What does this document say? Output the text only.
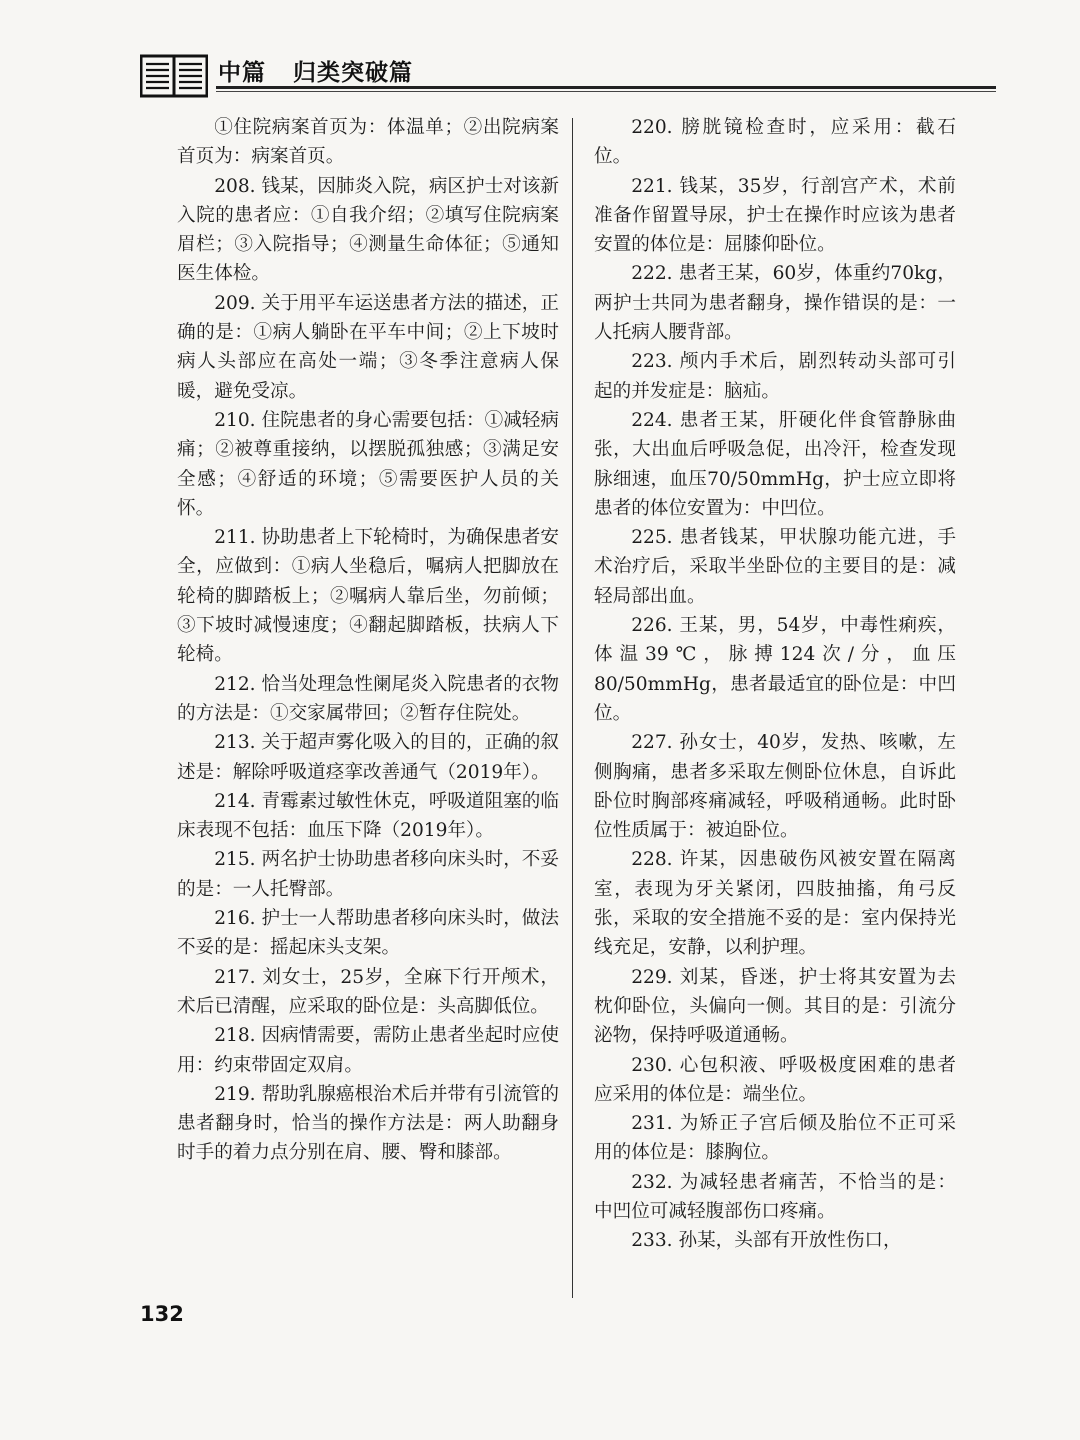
中篇   归类突破篇

①住院病案首页为：体温单；②出院病案首页为：病案首页。

208. 钱某，因肺炎入院，病区护士对该新入院的患者应：①自我介绍；②填写住院病案眉栏；③入院指导；④测量生命体征；⑤通知医生体检。

209. 关于用平车运送患者方法的描述，正确的是：①病人躺卧在平车中间；②上下坡时病人头部应在高处一端；③冬季注意病人保暖，避免受凉。

210. 住院患者的身心需要包括：①减轻病痛；②被尊重接纳，以摆脱孤独感；③满足安全感；④舒适的环境；⑤需要医护人员的关怀。

211. 协助患者上下轮椅时，为确保患者安全，应做到：①病人坐稳后，嘱病人把脚放在轮椅的脚踏板上；②嘱病人靠后坐，勿前倾；③下坡时减慢速度；④翻起脚踏板，扶病人下轮椅。

212. 恰当处理急性阑尾炎入院患者的衣物的方法是：①交家属带回；②暂存住院处。

213. 关于超声雾化吸入的目的，正确的叙述是：解除呼吸道痉挛改善通气（2019年）。

214. 青霉素过敏性休克，呼吸道阻塞的临床表现不包括：血压下降（2019年）。

215. 两名护士协助患者移向床头时，不妥的是：一人托臀部。

216. 护士一人帮助患者移向床头时，做法不妥的是：摇起床头支架。

217. 刘女士，25岁，全麻下行开颅术，术后已清醒，应采取的卧位是：头高脚低位。

218. 因病情需要，需防止患者坐起时应使用：约束带固定双肩。

219. 帮助乳腺癌根治术后并带有引流管的患者翻身时，恰当的操作方法是：两人助翻身时手的着力点分别在肩、腰、臀和膝部。

220. 膀胱镜检查时，应采用：截石位。

221. 钱某，35岁，行剖宫产术，术前准备作留置导尿，护士在操作时应该为患者安置的体位是：屈膝仰卧位。

222. 患者王某，60岁，体重约70kg，两护士共同为患者翻身，操作错误的是：一人托病人腰背部。

223. 颅内手术后，剧烈转动头部可引起的并发症是：脑疝。

224. 患者王某，肝硬化伴食管静脉曲张，大出血后呼吸急促，出冷汗，检查发现脉细速，血压70/50mmHg，护士应立即将患者的体位安置为：中凹位。

225. 患者钱某，甲状腺功能亢进，手术治疗后，采取半坐卧位的主要目的是：减轻局部出血。

226. 王某，男，54岁，中毒性痢疾，体温39℃，脉搏124次/分，血压80/50mmHg，患者最适宜的卧位是：中凹位。

227. 孙女士，40岁，发热、咳嗽，左侧胸痛，患者多采取左侧卧位休息，自诉此卧位时胸部疼痛减轻，呼吸稍通畅。此时卧位性质属于：被迫卧位。

228. 许某，因患破伤风被安置在隔离室，表现为牙关紧闭，四肢抽搐，角弓反张，采取的安全措施不妥的是：室内保持光线充足，安静，以利护理。

229. 刘某，昏迷，护士将其安置为去枕仰卧位，头偏向一侧。其目的是：引流分泌物，保持呼吸道通畅。

230. 心包积液、呼吸极度困难的患者应采用的体位是：端坐位。

231. 为矫正子宫后倾及胎位不正可采用的体位是：膝胸位。

232. 为减轻患者痛苦，不恰当的是：中凹位可减轻腹部伤口疼痛。

233. 孙某，头部有开放性伤口，

132
